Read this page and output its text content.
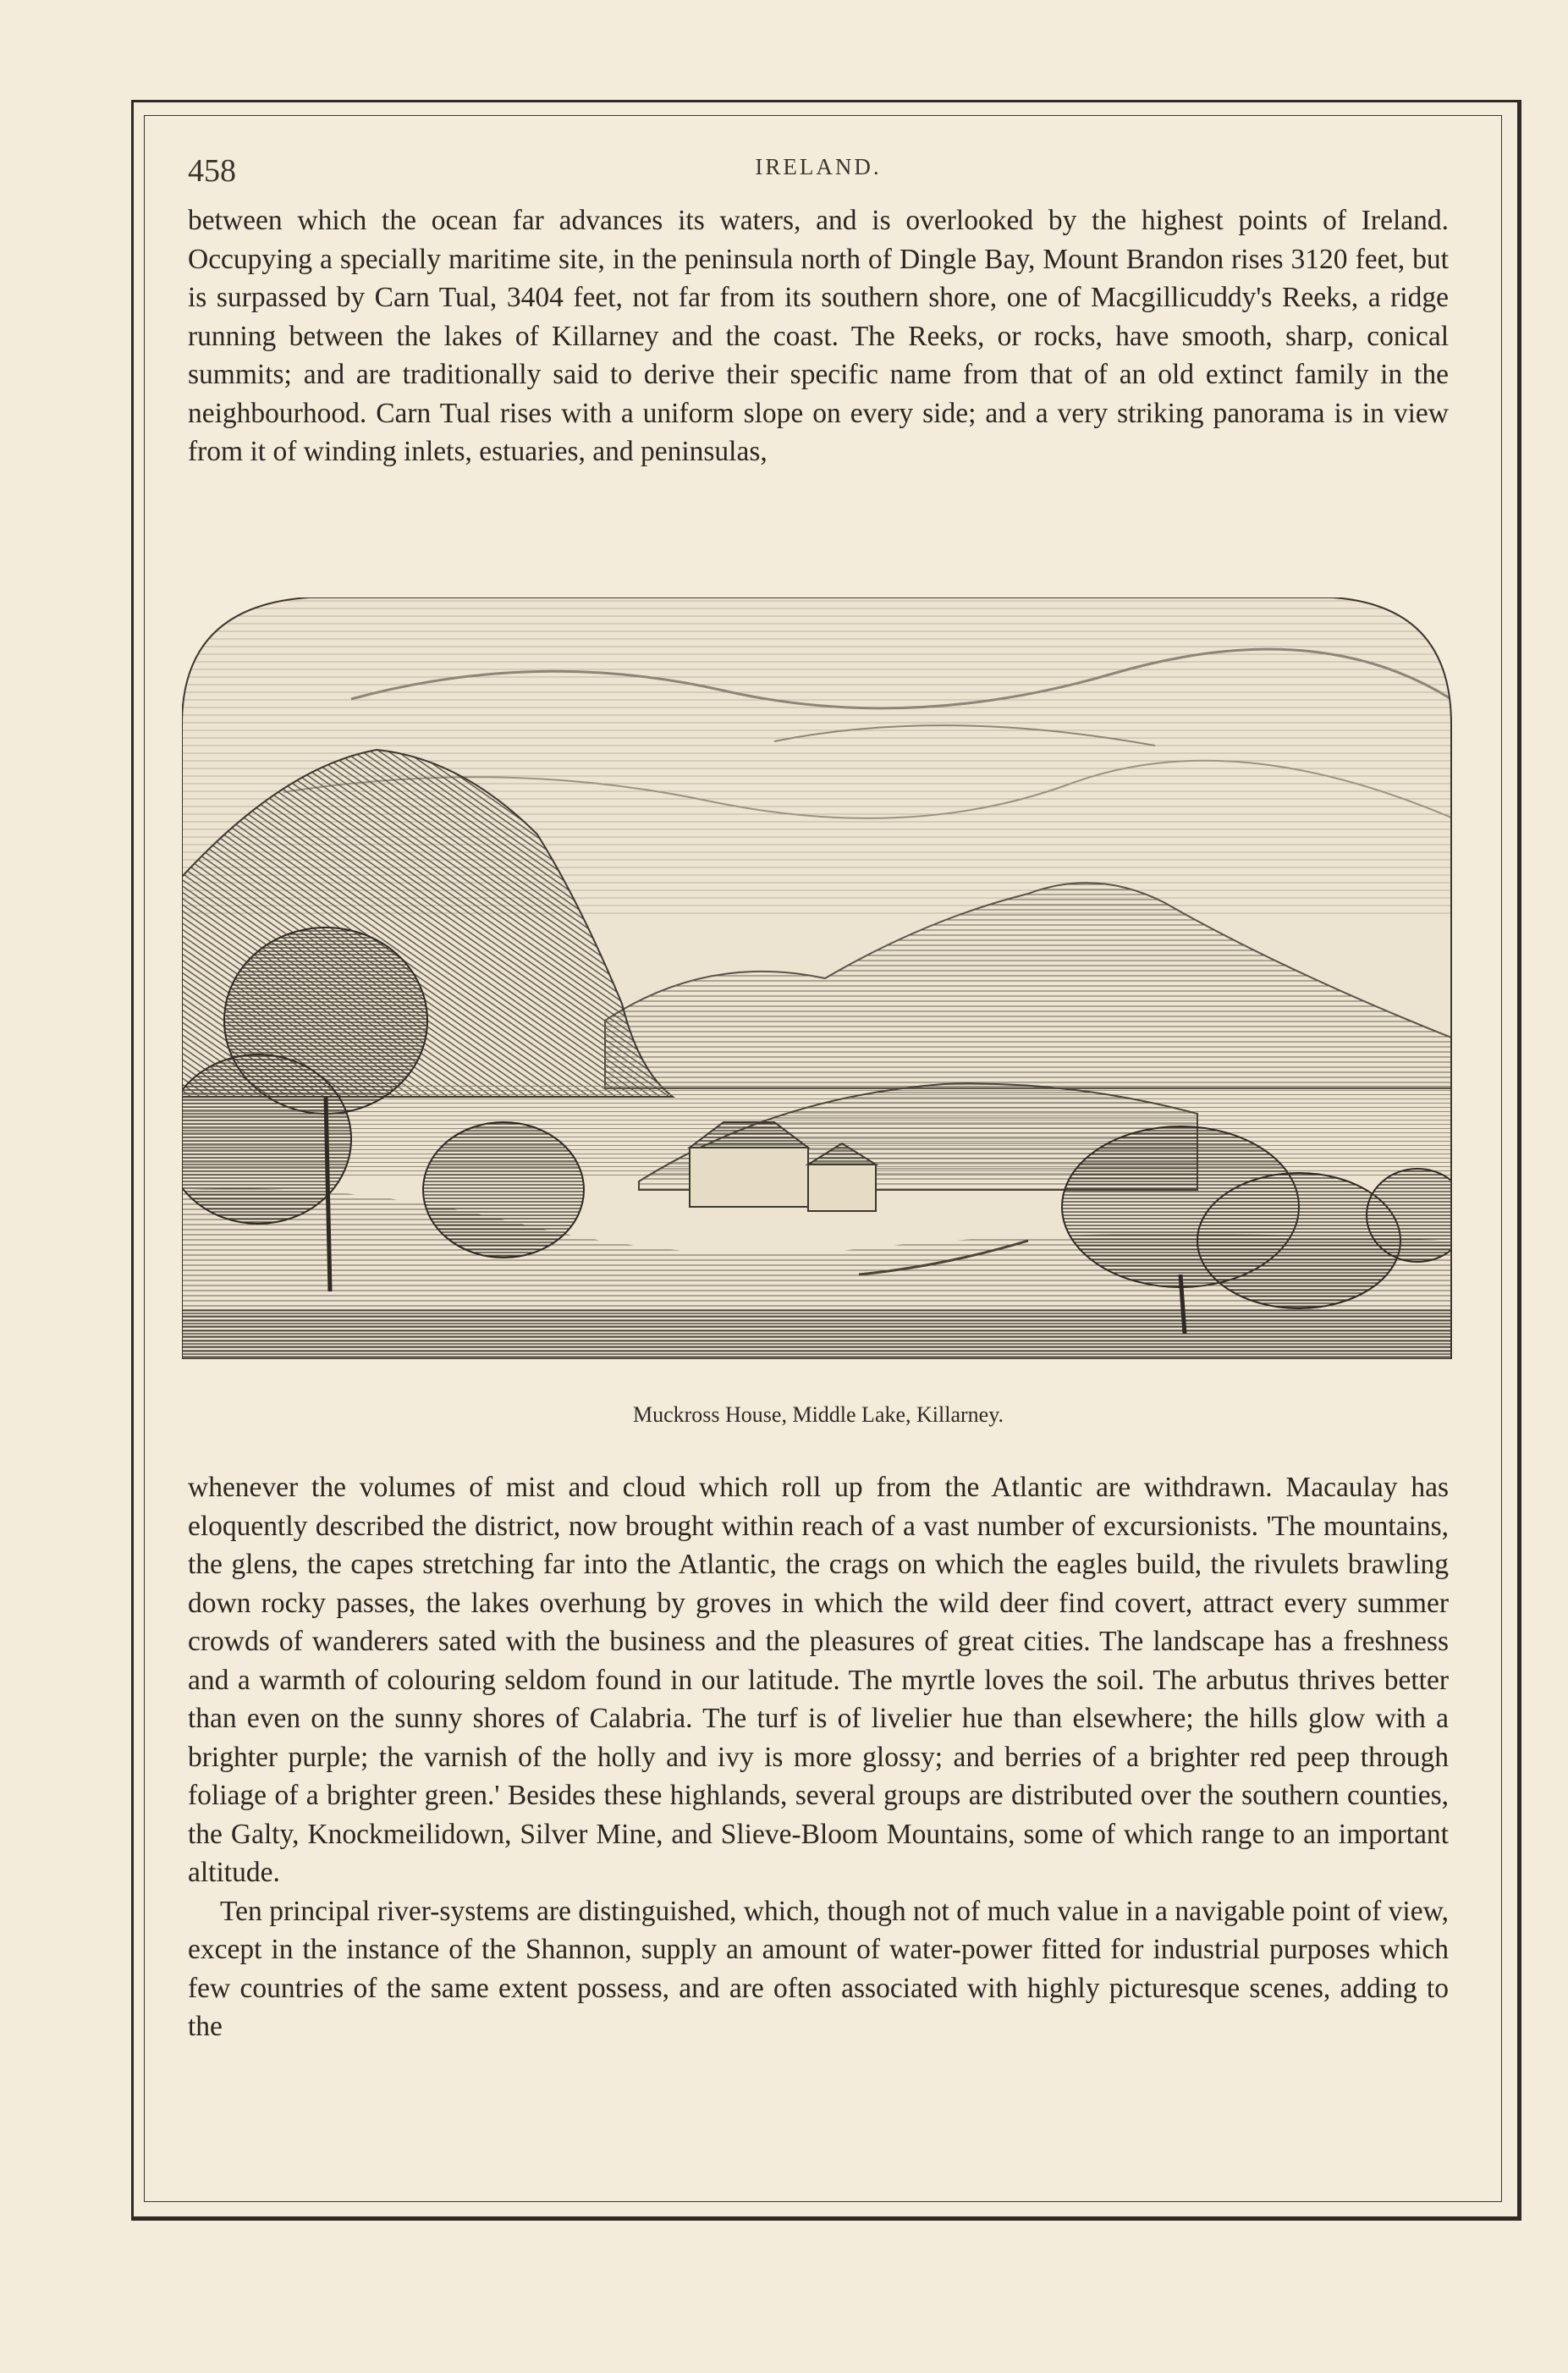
458	IRELAND.

between which the ocean far advances its waters, and is overlooked by the highest points of Ireland. Occupying a specially maritime site, in the peninsula north of Dingle Bay, Mount Brandon rises 3120 feet, but is surpassed by Carn Tual, 3404 feet, not far from its southern shore, one of Macgillicuddy's Reeks, a ridge running between the lakes of Killarney and the coast. The Reeks, or rocks, have smooth, sharp, conical summits; and are traditionally said to derive their specific name from that of an old extinct family in the neighbourhood. Carn Tual rises with a uniform slope on every side; and a very striking panorama is in view from it of winding inlets, estuaries, and peninsulas,

Muckross House, Middle Lake, Killarney.

whenever the volumes of mist and cloud which roll up from the Atlantic are withdrawn. Macaulay has eloquently described the district, now brought within reach of a vast number of excursionists. 'The mountains, the glens, the capes stretching far into the Atlantic, the crags on which the eagles build, the rivulets brawling down rocky passes, the lakes overhung by groves in which the wild deer find covert, attract every summer crowds of wanderers sated with the business and the pleasures of great cities. The landscape has a freshness and a warmth of colouring seldom found in our latitude. The myrtle loves the soil. The arbutus thrives better than even on the sunny shores of Calabria. The turf is of livelier hue than elsewhere; the hills glow with a brighter purple; the varnish of the holly and ivy is more glossy; and berries of a brighter red peep through foliage of a brighter green.' Besides these highlands, several groups are distributed over the southern counties, the Galty, Knockmeilidown, Silver Mine, and Slieve-Bloom Mountains, some of which range to an important altitude.

Ten principal river-systems are distinguished, which, though not of much value in a navigable point of view, except in the instance of the Shannon, supply an amount of water-power fitted for industrial purposes which few countries of the same extent possess, and are often associated with highly picturesque scenes, adding to the
